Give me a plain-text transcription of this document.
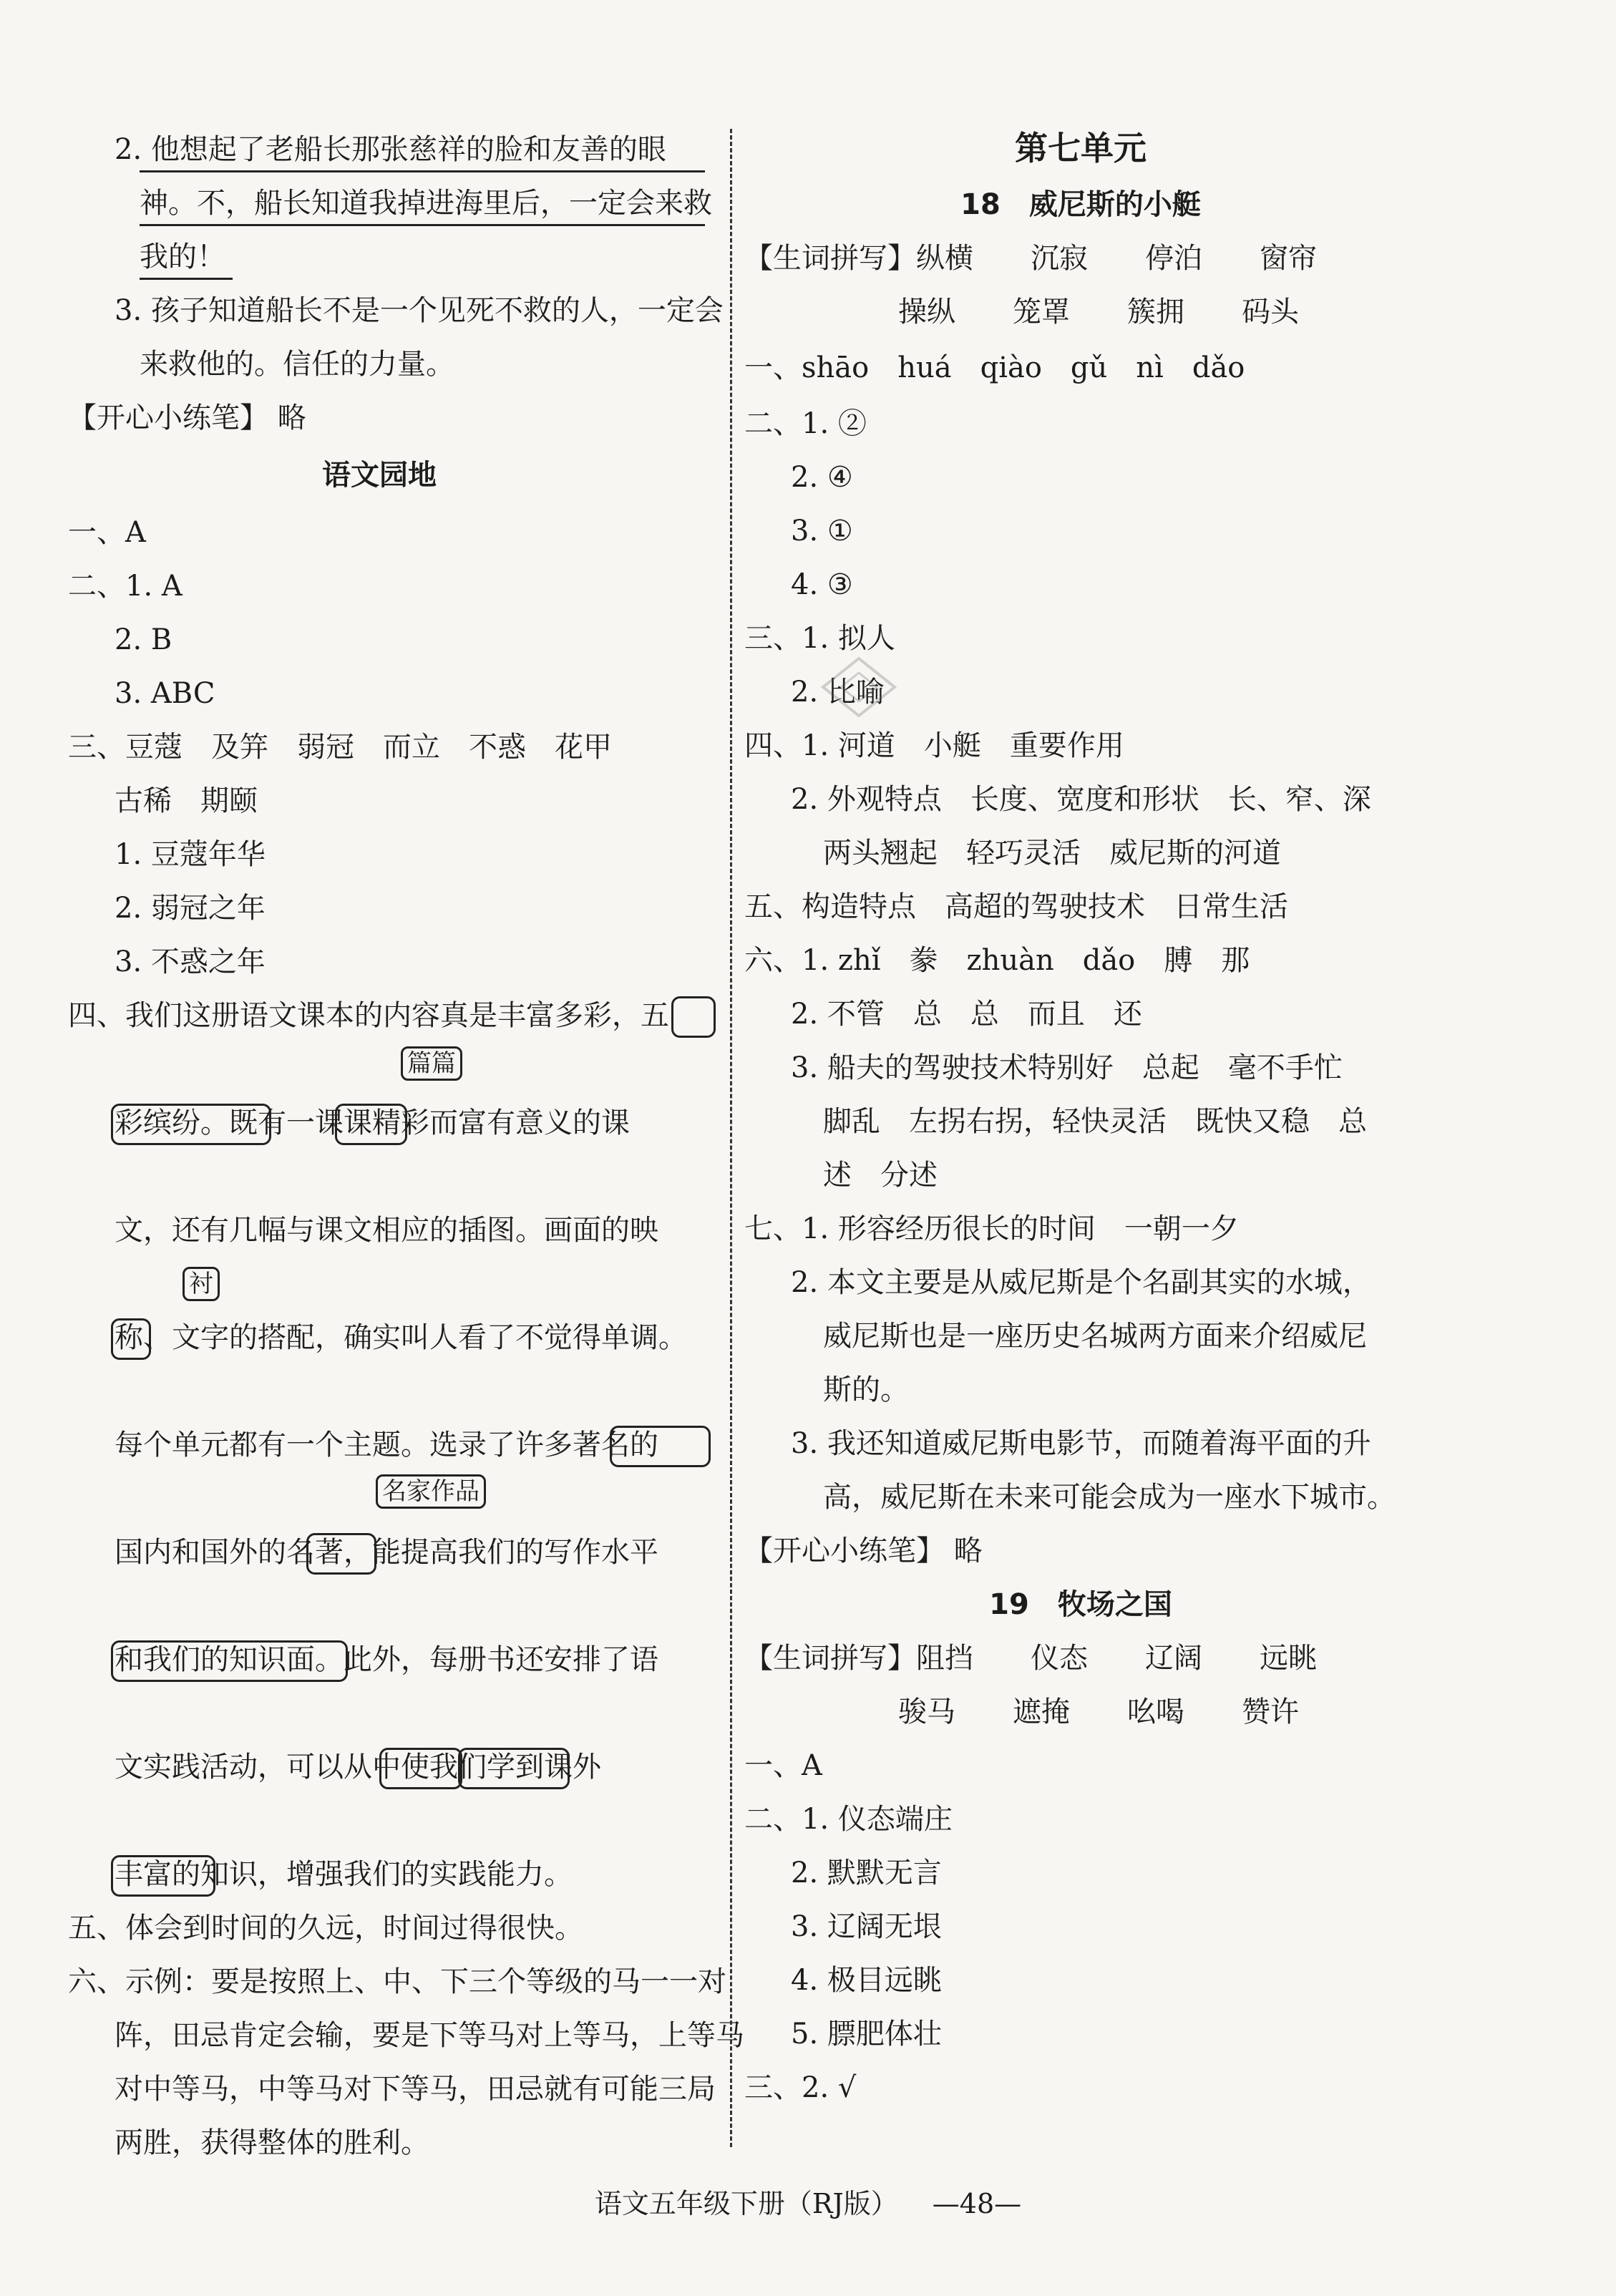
2. 他想起了老船长那张慈祥的脸和友善的眼
神。不，船长知道我掉进海里后，一定会来救
我的！
3. 孩子知道船长不是一个见死不救的人，一定会
来救他的。信任的力量。
【开心小练笔】 略
语文园地
一、A
二、1. A
2. B
3. ABC
三、豆蔻　及笄　弱冠　而立　不惑　花甲
古稀　期颐
1. 豆蔻年华
2. 弱冠之年
3. 不惑之年
四、我们这册语文课本的内容真是丰富多彩，五
彩缤纷。既有一课课精彩而富有意义的课
文，还有几幅与课文相应的插图。画面的映
称、文字的搭配，确实叫人看了不觉得单调。
每个单元都有一个主题。选录了许多著名的
国内和国外的名著，能提高我们的写作水平
和我们的知识面。此外，每册书还安排了语
文实践活动，可以从中使我们学到课外
丰富的知识，增强我们的实践能力。
五、体会到时间的久远，时间过得很快。
六、示例：要是按照上、中、下三个等级的马一一对
阵，田忌肯定会输，要是下等马对上等马，上等马
对中等马，中等马对下等马，田忌就有可能三局
两胜，获得整体的胜利。
篇篇
衬
名家作品
第七单元
18　威尼斯的小艇
【生词拼写】纵横　　沉寂　　停泊　　窗帘
操纵　　笼罩　　簇拥　　码头
一、shāo　huá　qiào　gǔ　nì　dǎo
二、1. ②
2. ④
3. ①
4. ③
三、1. 拟人
2. 比喻
四、1. 河道　小艇　重要作用
2. 外观特点　长度、宽度和形状　长、窄、深
两头翘起　轻巧灵活　威尼斯的河道
五、构造特点　高超的驾驶技术　日常生活
六、1. zhǐ　豢　zhuàn　dǎo　膊　那
2. 不管　总　总　而且　还
3. 船夫的驾驶技术特别好　总起　毫不手忙
脚乱　左拐右拐，轻快灵活　既快又稳　总
述　分述
七、1. 形容经历很长的时间　一朝一夕
2. 本文主要是从威尼斯是个名副其实的水城，
威尼斯也是一座历史名城两方面来介绍威尼
斯的。
3. 我还知道威尼斯电影节，而随着海平面的升
高，威尼斯在未来可能会成为一座水下城市。
【开心小练笔】 略
19　牧场之国
【生词拼写】阻挡　　仪态　　辽阔　　远眺
骏马　　遮掩　　吆喝　　赞许
一、A
二、1. 仪态端庄
2. 默默无言
3. 辽阔无垠
4. 极目远眺
5. 膘肥体壮
三、2. √
语文五年级下册（RJ版） —48—
